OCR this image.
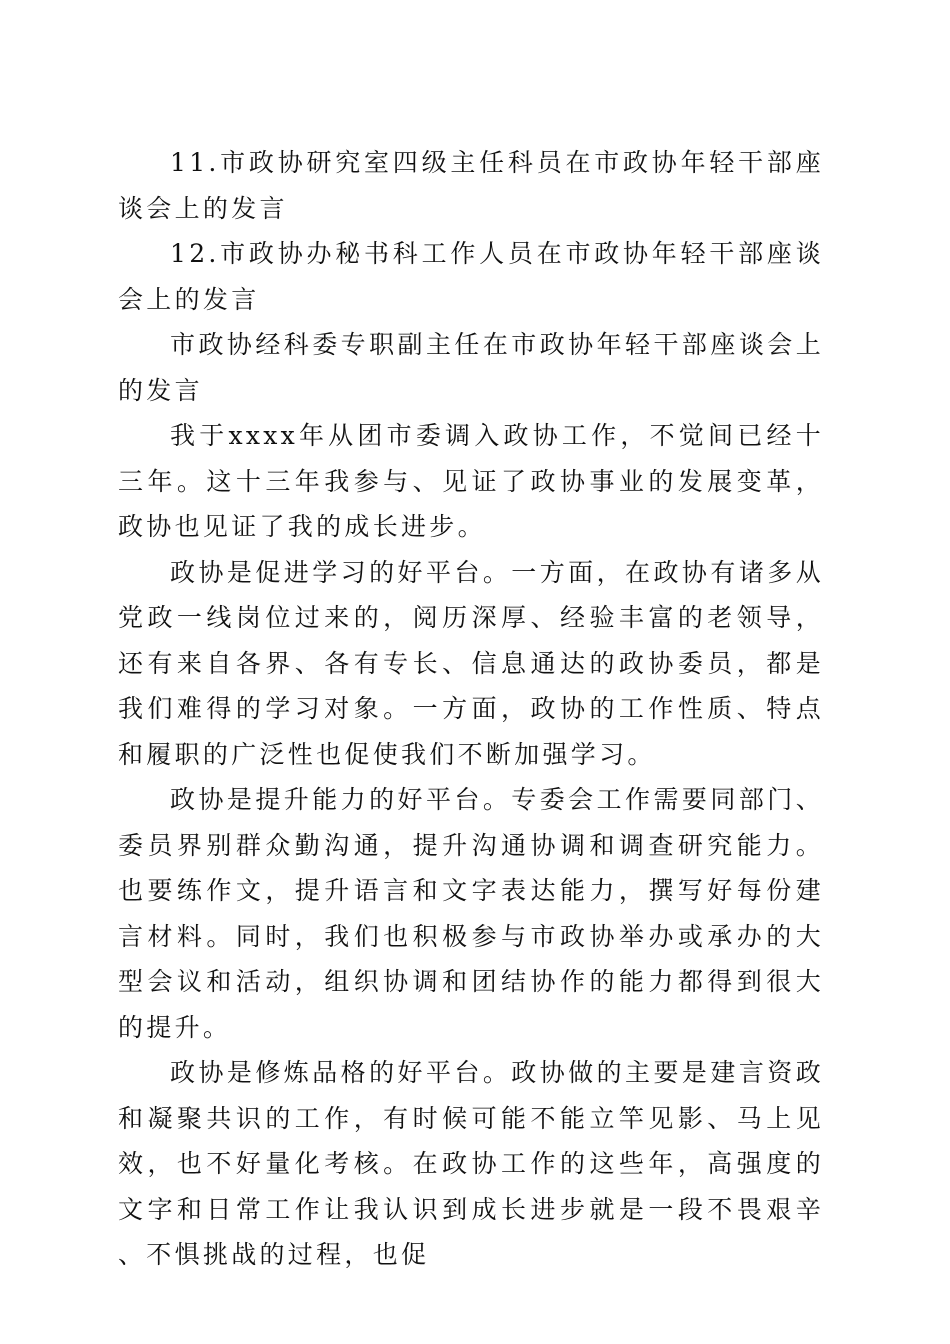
11.市政协研究室四级主任科员在市政协年轻干部座谈会上的发言

12.市政协办秘书科工作人员在市政协年轻干部座谈会上的发言

市政协经科委专职副主任在市政协年轻干部座谈会上的发言

我于xxxx年从团市委调入政协工作，不觉间已经十三年。这十三年我参与、见证了政协事业的发展变革，政协也见证了我的成长进步。

政协是促进学习的好平台。一方面，在政协有诸多从党政一线岗位过来的，阅历深厚、经验丰富的老领导，还有来自各界、各有专长、信息通达的政协委员，都是我们难得的学习对象。一方面，政协的工作性质、特点和履职的广泛性也促使我们不断加强学习。

政协是提升能力的好平台。专委会工作需要同部门、委员界别群众勤沟通，提升沟通协调和调查研究能力。也要练作文，提升语言和文字表达能力，撰写好每份建言材料。同时，我们也积极参与市政协举办或承办的大型会议和活动，组织协调和团结协作的能力都得到很大的提升。

政协是修炼品格的好平台。政协做的主要是建言资政和凝聚共识的工作，有时候可能不能立竿见影、马上见效，也不好量化考核。在政协工作的这些年，高强度的文字和日常工作让我认识到成长进步就是一段不畏艰辛、不惧挑战的过程，也促
